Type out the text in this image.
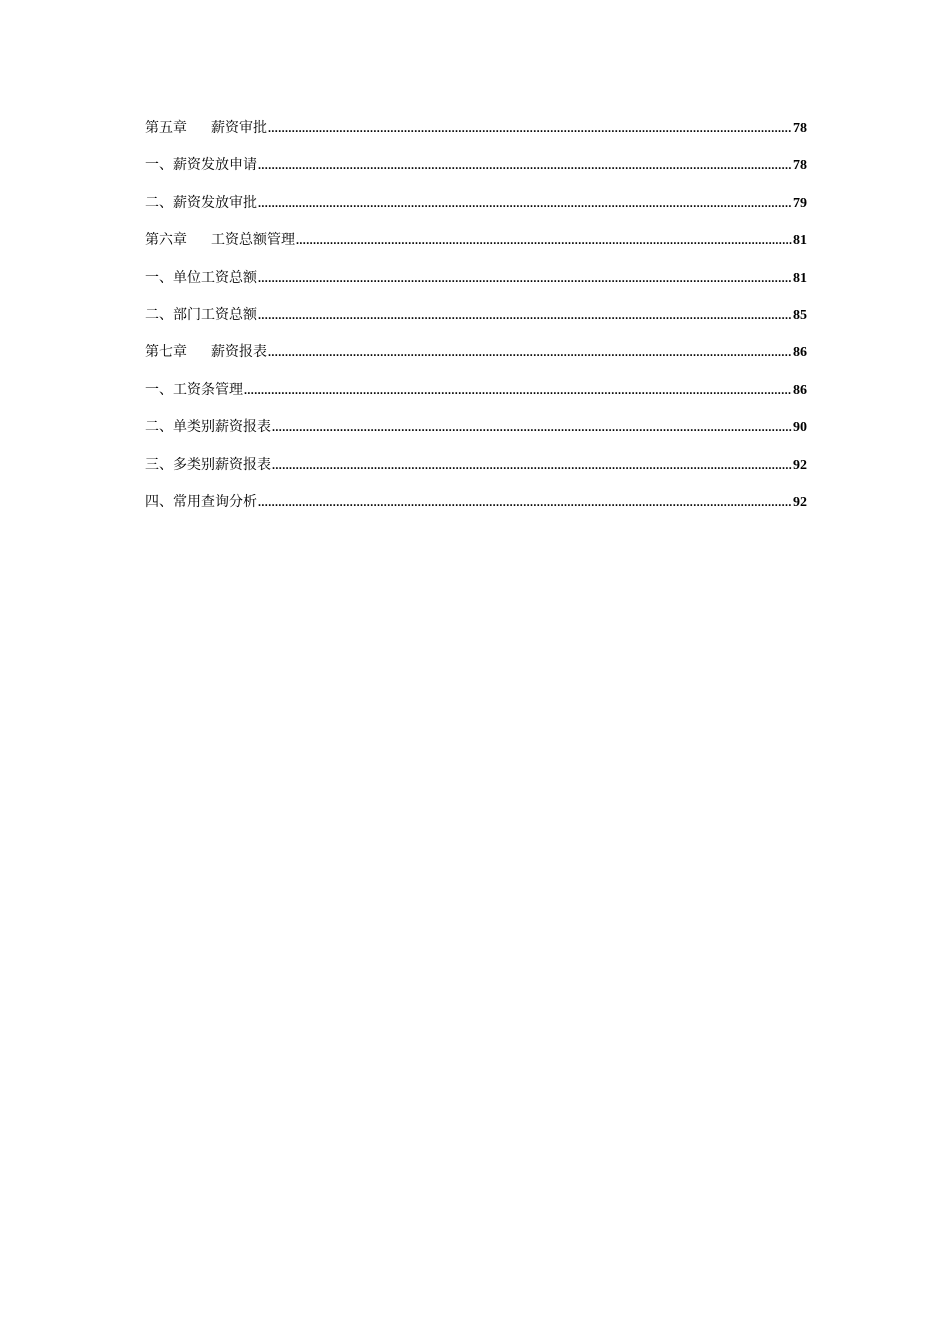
第五章 薪资审批 .....	78
一、 薪资发放申请 .....	78
二、 薪资发放审批 .....	79
第六章 工资总额管理 .....	81
一、 单位工资总额 .....	81
二、 部门工资总额 .....	85
第七章 薪资报表 .....	86
一、 工资条管理 .....	86
二、 单类别薪资报表 .....	90
三、 多类别薪资报表 .....	92
四、 常用查询分析 .....	92
